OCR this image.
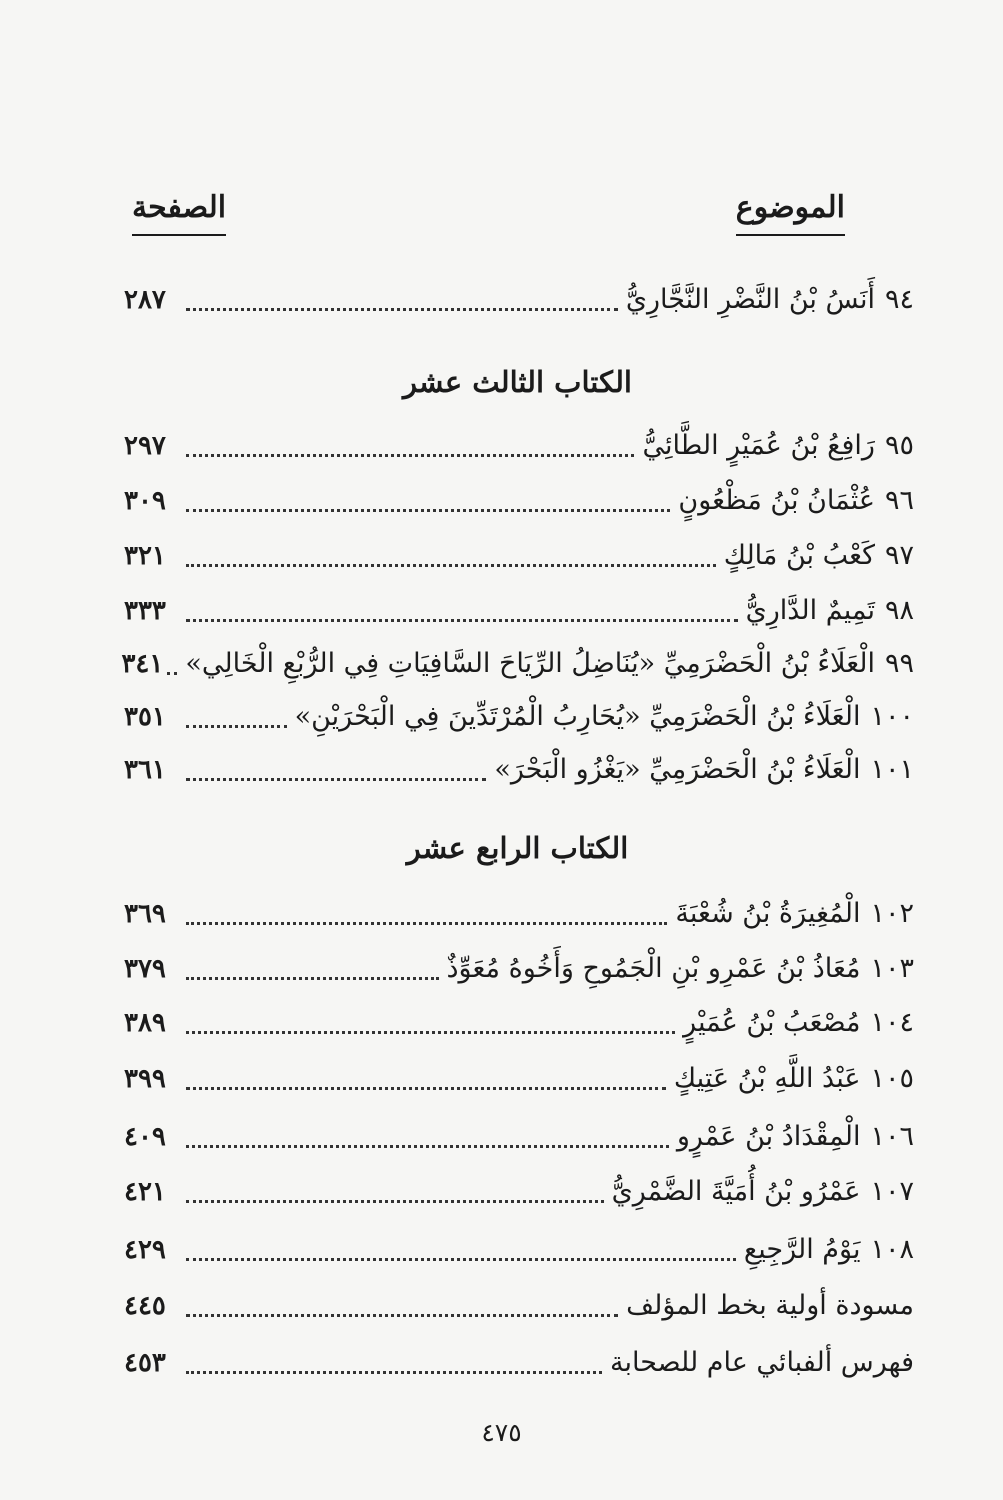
الموضوع
الصفحة
٩٤أَنَسُ بْنُ النَّضْرِ النَّجَّارِيُّ
٢٨٧
الكتاب الثالث عشر
٩٥رَافِعُ بْنُ عُمَيْرٍ الطَّائِيُّ
٢٩٧
٩٦عُثْمَانُ بْنُ مَظْعُونٍ
٣٠٩
٩٧كَعْبُ بْنُ مَالِكٍ
٣٢١
٩٨تَمِيمٌ الدَّارِيُّ
٣٣٣
٩٩الْعَلَاءُ بْنُ الْحَضْرَمِيِّ «يُنَاضِلُ الرِّيَاحَ السَّافِيَاتِ فِي الرُّبْعِ الْخَالِي»
٣٤١
١٠٠الْعَلَاءُ بْنُ الْحَضْرَمِيِّ «يُحَارِبُ الْمُرْتَدِّينَ فِي الْبَحْرَيْنِ»
٣٥١
١٠١الْعَلَاءُ بْنُ الْحَضْرَمِيِّ «يَغْزُو الْبَحْرَ»
٣٦١
الكتاب الرابع عشر
١٠٢الْمُغِيرَةُ بْنُ شُعْبَةَ
٣٦٩
١٠٣مُعَاذُ بْنُ عَمْرِو بْنِ الْجَمُوحِ وَأَخُوهُ مُعَوِّذٌ
٣٧٩
١٠٤مُصْعَبُ بْنُ عُمَيْرٍ
٣٨٩
١٠٥عَبْدُ اللَّهِ بْنُ عَتِيكٍ
٣٩٩
١٠٦الْمِقْدَادُ بْنُ عَمْرٍو
٤٠٩
١٠٧عَمْرُو بْنُ أُمَيَّةَ الضَّمْرِيُّ
٤٢١
١٠٨يَوْمُ الرَّجِيعِ
٤٢٩
مسودة أولية بخط المؤلف
٤٤٥
فهرس ألفبائي عام للصحابة
٤٥٣
٤٧٥
